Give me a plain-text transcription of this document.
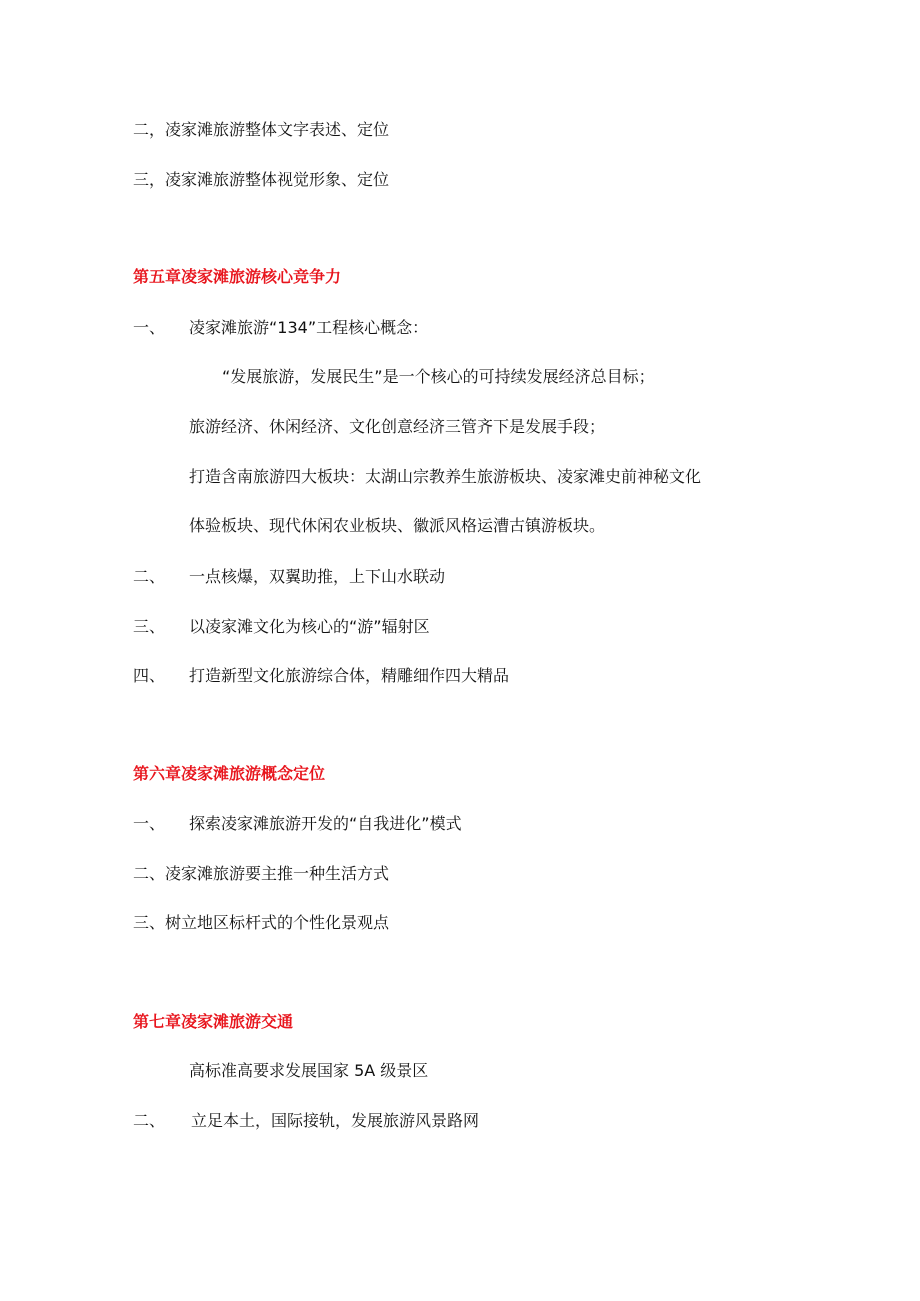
二，凌家滩旅游整体文字表述、定位
三，凌家滩旅游整体视觉形象、定位
第五章凌家滩旅游核心竞争力
一、 凌家滩旅游“134”工程核心概念：
“发展旅游，发展民生”是一个核心的可持续发展经济总目标；
旅游经济、休闲经济、文化创意经济三管齐下是发展手段；
打造含南旅游四大板块：太湖山宗教养生旅游板块、凌家滩史前神秘文化
体验板块、现代休闲农业板块、徽派风格运漕古镇游板块。
二、 一点核爆，双翼助推，上下山水联动
三、 以凌家滩文化为核心的“游”辐射区
四、 打造新型文化旅游综合体，精雕细作四大精品
第六章凌家滩旅游概念定位
一、 探索凌家滩旅游开发的“自我进化”模式
二、凌家滩旅游要主推一种生活方式
三、树立地区标杆式的个性化景观点
第七章凌家滩旅游交通
高标准高要求发展国家 5A 级景区
二、 立足本土，国际接轨，发展旅游风景路网
